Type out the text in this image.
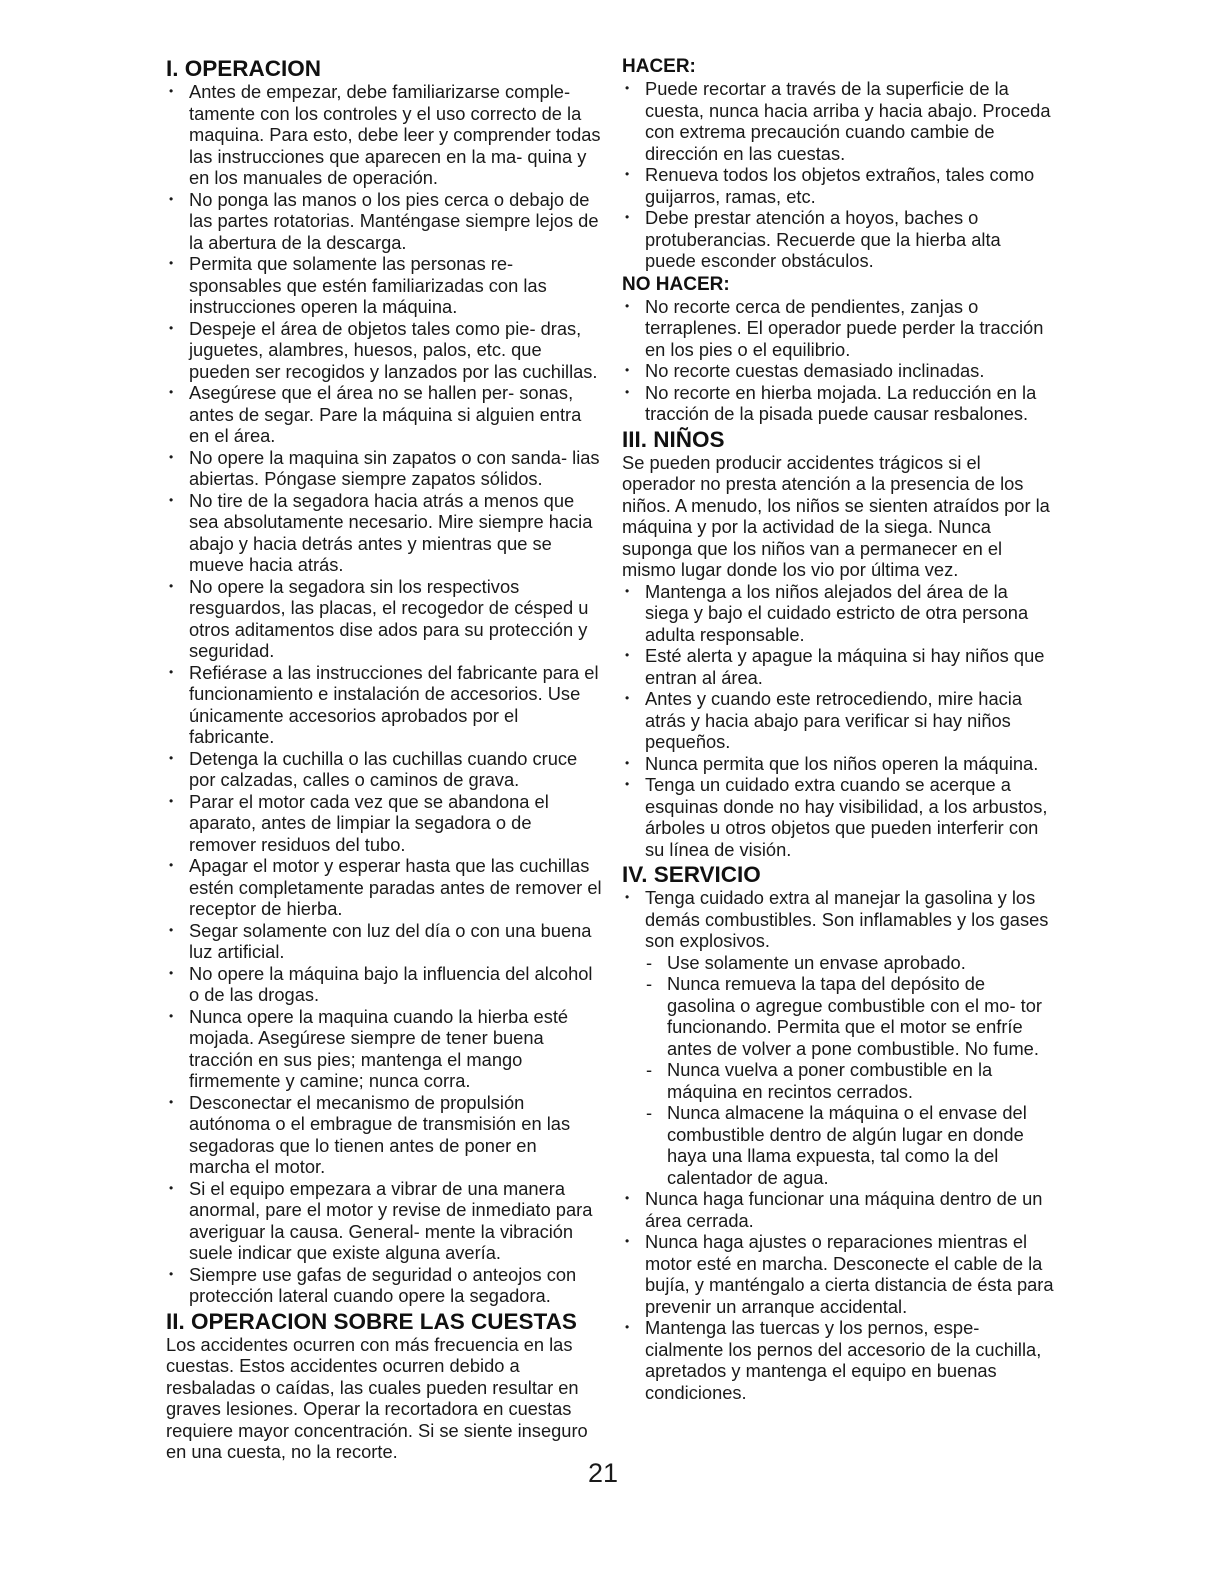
I. OPERACION
• Antes de empezar, debe familiarizarse comple- tamente con los controles y el uso correcto de la maquina. Para esto, debe leer y comprender todas las instrucciones que aparecen en la ma- quina y en los manuales de operación.
• No ponga las manos o los pies cerca o debajo de las partes rotatorias. Manténgase siempre lejos de la abertura de la descarga.
• Permita que solamente las personas re- sponsables que estén familiarizadas con las instrucciones operen la máquina.
• Despeje el área de objetos tales como pie- dras, juguetes, alambres, huesos, palos, etc. que pueden ser recogidos y lanzados por las cuchillas.
• Asegúrese que el área no se hallen per- sonas, antes de segar. Pare la máquina si alguien entra en el área.
• No opere la maquina sin zapatos o con sanda- lias abiertas. Póngase siempre zapatos sólidos.
• No tire de la segadora hacia atrás a menos que sea absolutamente necesario. Mire siempre hacia abajo y hacia detrás antes y mientras que se mueve hacia atrás.
• No opere la segadora sin los respectivos resguardos, las placas, el recogedor de césped u otros aditamentos dise ados para su protección y seguridad.
• Refiérase a las instrucciones del fabricante para el funcionamiento e instalación de accesorios. Use únicamente accesorios aprobados por el fabricante.
• Detenga la cuchilla o las cuchillas cuando cruce por calzadas, calles o caminos de grava.
• Parar el motor cada vez que se abandona el aparato, antes de limpiar la segadora o de remover residuos del tubo.
• Apagar el motor y esperar hasta que las cuchillas estén completamente paradas antes de remover el receptor de hierba.
• Segar solamente con luz del día o con una buena luz artificial.
• No opere la máquina bajo la influencia del alcohol o de las drogas.
• Nunca opere la maquina cuando la hierba esté mojada. Asegúrese siempre de tener buena tracción en sus pies; mantenga el mango firmemente y camine; nunca corra.
• Desconectar el mecanismo de propulsión autónoma o el embrague de transmisión en las segadoras que lo tienen antes de poner en marcha el motor.
• Si el equipo empezara a vibrar de una manera anormal, pare el motor y revise de inmediato para averiguar la causa. General- mente la vibración suele indicar que existe alguna avería.
• Siempre use gafas de seguridad o anteojos con protección lateral cuando opere la segadora.
II. OPERACION SOBRE LAS CUESTAS

Los accidentes ocurren con más frecuencia en las cuestas. Estos accidentes ocurren debido a resbaladas o caídas, las cuales pueden resultar en graves lesiones. Operar la recortadora en cuestas requiere mayor concentración. Si se siente inseguro en una cuesta, no la recorte.

HACER:
• Puede recortar a través de la superficie de la cuesta, nunca hacia arriba y hacia abajo. Proceda con extrema precaución cuando cambie de dirección en las cuestas.
• Renueva todos los objetos extraños, tales como guijarros, ramas, etc.
• Debe prestar atención a hoyos, baches o protuberancias. Recuerde que la hierba alta puede esconder obstáculos.
NO HACER:
• No recorte cerca de pendientes, zanjas o terraplenes. El operador puede perder la tracción en los pies o el equilibrio.
• No recorte cuestas demasiado inclinadas.
• No recorte en hierba mojada. La reducción en la tracción de la pisada puede causar resbalones.
III. NIÑOS

Se pueden producir accidentes trágicos si el operador no presta atención a la presencia de los niños. A menudo, los niños se sienten atraídos por la máquina y por la actividad de la siega. Nunca suponga que los niños van a permanecer en el mismo lugar donde los vio por última vez.

• Mantenga a los niños alejados del área de la siega y bajo el cuidado estricto de otra persona adulta responsable.
• Esté alerta y apague la máquina si hay niños que entran al área.
• Antes y cuando este retrocediendo, mire hacia atrás y hacia abajo para verificar si hay niños pequeños.
• Nunca permita que los niños operen la máquina.
• Tenga un cuidado extra cuando se acerque a esquinas donde no hay visibilidad, a los arbustos, árboles u otros objetos que pueden interferir con su línea de visión.
IV. SERVICIO
• Tenga cuidado extra al manejar la gasolina y los demás combustibles. Son inflamables y los gases son explosivos.
- Use solamente un envase aprobado.
- Nunca remueva la tapa del depósito de gasolina o agregue combustible con el mo- tor funcionando. Permita que el motor se enfríe antes de volver a pone combustible. No fume.
- Nunca vuelva a poner combustible en la máquina en recintos cerrados.
- Nunca almacene la máquina o el envase del combustible dentro de algún lugar en donde haya una llama expuesta, tal como la del calentador de agua.
• Nunca haga funcionar una máquina dentro de un área cerrada.
• Nunca haga ajustes o reparaciones mientras el motor esté en marcha. Desconecte el cable de la bujía, y manténgalo a cierta distancia de ésta para prevenir un arranque accidental.
• Mantenga las tuercas y los pernos, espe- cialmente los pernos del accesorio de la cuchilla, apretados y mantenga el equipo en buenas condiciones.
21
